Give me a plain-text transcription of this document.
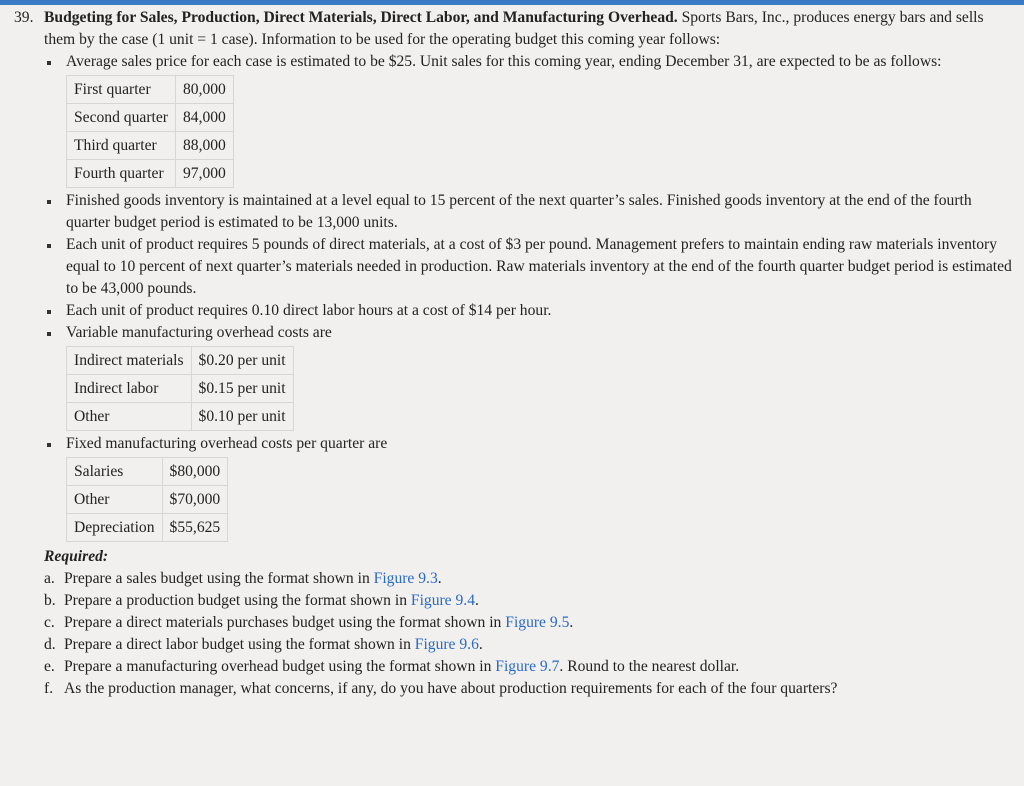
39. Budgeting for Sales, Production, Direct Materials, Direct Labor, and Manufacturing Overhead. Sports Bars, Inc., produces energy bars and sells them by the case (1 unit = 1 case). Information to be used for the operating budget this coming year follows:

Average sales price for each case is estimated to be $25. Unit sales for this coming year, ending December 31, are expected to be as follows:
First quarter	80,000
Second quarter	84,000
Third quarter	88,000
Fourth quarter	97,000
Finished goods inventory is maintained at a level equal to 15 percent of the next quarter’s sales. Finished goods inventory at the end of the fourth quarter budget period is estimated to be 13,000 units.
Each unit of product requires 5 pounds of direct materials, at a cost of $3 per pound. Management prefers to maintain ending raw materials inventory equal to 10 percent of next quarter’s materials needed in production. Raw materials inventory at the end of the fourth quarter budget period is estimated to be 43,000 pounds.
Each unit of product requires 0.10 direct labor hours at a cost of $14 per hour.
Variable manufacturing overhead costs are
Indirect materials	$0.20 per unit
Indirect labor	$0.15 per unit
Other	$0.10 per unit
Fixed manufacturing overhead costs per quarter are
Salaries	$80,000
Other	$70,000
Depreciation	$55,625
Required:
a. Prepare a sales budget using the format shown in Figure 9.3.
b. Prepare a production budget using the format shown in Figure 9.4.
c. Prepare a direct materials purchases budget using the format shown in Figure 9.5.
d. Prepare a direct labor budget using the format shown in Figure 9.6.
e. Prepare a manufacturing overhead budget using the format shown in Figure 9.7. Round to the nearest dollar.
f. As the production manager, what concerns, if any, do you have about production requirements for each of the four quarters?
